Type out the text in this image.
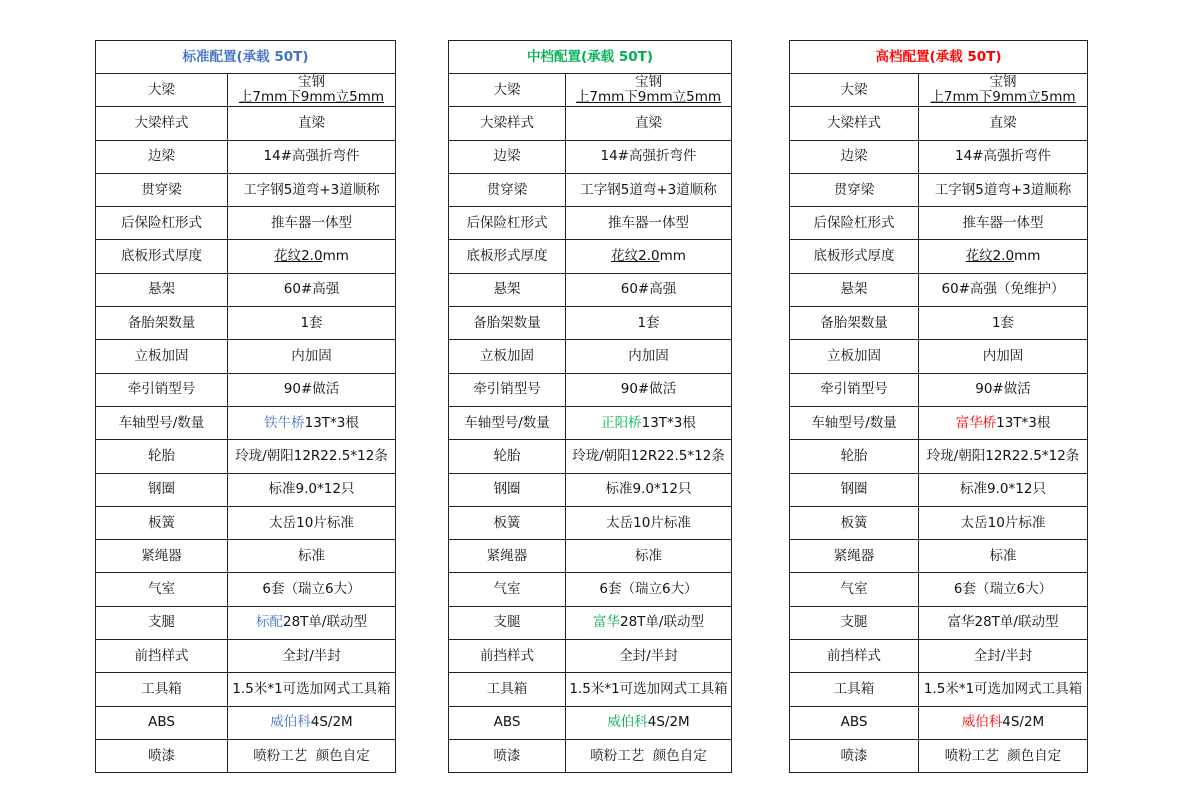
标准配置(承载 50T)	
大梁	宝钢
上7mm下9mm立5mm

大梁样式	直梁
边梁	14#高强折弯件
贯穿梁	工字钢5道弯+3道顺称
后保险杠形式	推车器一体型
底板形式厚度	花纹2.0mm
悬架	60#高强
备胎架数量	1套
立板加固	内加固
牵引销型号	90#做活
车轴型号/数量	铁牛桥13T*3根
轮胎	玲珑/朝阳12R22.5*12条
钢圈	标准9.0*12只
板簧	太岳10片标准
紧绳器	标准
气室	6套（瑞立6大）
支腿	标配28T单/联动型
前挡样式	全封/半封
工具箱	1.5米*1可选加网式工具箱
ABS	威伯科4S/2M
喷漆	喷粉工艺  颜色自定
中档配置(承载 50T)	
大梁	宝钢
上7mm下9mm立5mm

大梁样式	直梁
边梁	14#高强折弯件
贯穿梁	工字钢5道弯+3道顺称
后保险杠形式	推车器一体型
底板形式厚度	花纹2.0mm
悬架	60#高强
备胎架数量	1套
立板加固	内加固
牵引销型号	90#做活
车轴型号/数量	正阳桥13T*3根
轮胎	玲珑/朝阳12R22.5*12条
钢圈	标准9.0*12只
板簧	太岳10片标准
紧绳器	标准
气室	6套（瑞立6大）
支腿	富华28T单/联动型
前挡样式	全封/半封
工具箱	1.5米*1可选加网式工具箱
ABS	威伯科4S/2M
喷漆	喷粉工艺  颜色自定
高档配置(承载 50T)	
大梁	宝钢
上7mm下9mm立5mm

大梁样式	直梁
边梁	14#高强折弯件
贯穿梁	工字钢5道弯+3道顺称
后保险杠形式	推车器一体型
底板形式厚度	花纹2.0mm
悬架	60#高强（免维护）
备胎架数量	1套
立板加固	内加固
牵引销型号	90#做活
车轴型号/数量	富华桥13T*3根
轮胎	玲珑/朝阳12R22.5*12条
钢圈	标准9.0*12只
板簧	太岳10片标准
紧绳器	标准
气室	6套（瑞立6大）
支腿	富华28T单/联动型
前挡样式	全封/半封
工具箱	1.5米*1可选加网式工具箱
ABS	威伯科4S/2M
喷漆	喷粉工艺  颜色自定
